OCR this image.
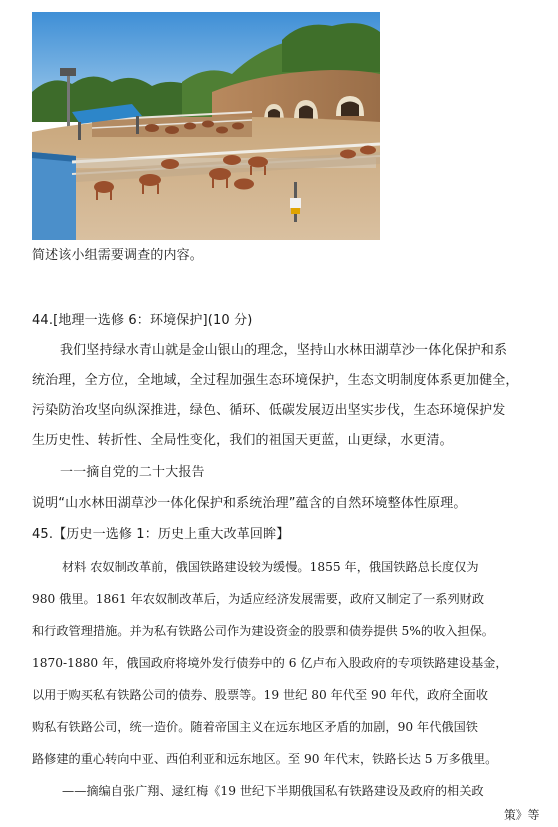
简述该小组需要调查的内容。
44.[地理一选修 6：环境保护](10 分)
我们坚持绿水青山就是金山银山的理念，坚持山水林田湖草沙一体化保护和系
统治理，全方位，全地域，全过程加强生态环境保护，生态文明制度体系更加健全，
污染防治攻坚向纵深推进，绿色、循环、低碳发展迈出坚实步伐，生态环境保护发
生历史性、转折性、全局性变化，我们的祖国天更蓝，山更绿，水更清。
一一摘自党的二十大报告
说明“山水林田湖草沙一体化保护和系统治理”蕴含的自然环境整体性原理。
45.【历史一选修 1：历史上重大改革回眸】
材料 农奴制改革前，俄国铁路建设较为缓慢。1855 年，俄国铁路总长度仅为
980 俄里。1861 年农奴制改革后，为适应经济发展需要，政府又制定了一系列财政
和行政管理措施。并为私有铁路公司作为建设资金的股票和债券提供 5%的收入担保。
1870-1880 年，俄国政府将境外发行债券中的 6 亿卢布入股政府的专项铁路建设基金，
以用于购买私有铁路公司的债券、股票等。19 世纪 80 年代至 90 年代，政府全面收
购私有铁路公司，统一造价。随着帝国主义在远东地区矛盾的加剧，90 年代俄国铁
路修建的重心转向中亚、西伯利亚和远东地区。至 90 年代末，铁路长达 5 万多俄里。
——摘编自张广翔、逯红梅《19 世纪下半期俄国私有铁路建设及政府的相关政
策》等
